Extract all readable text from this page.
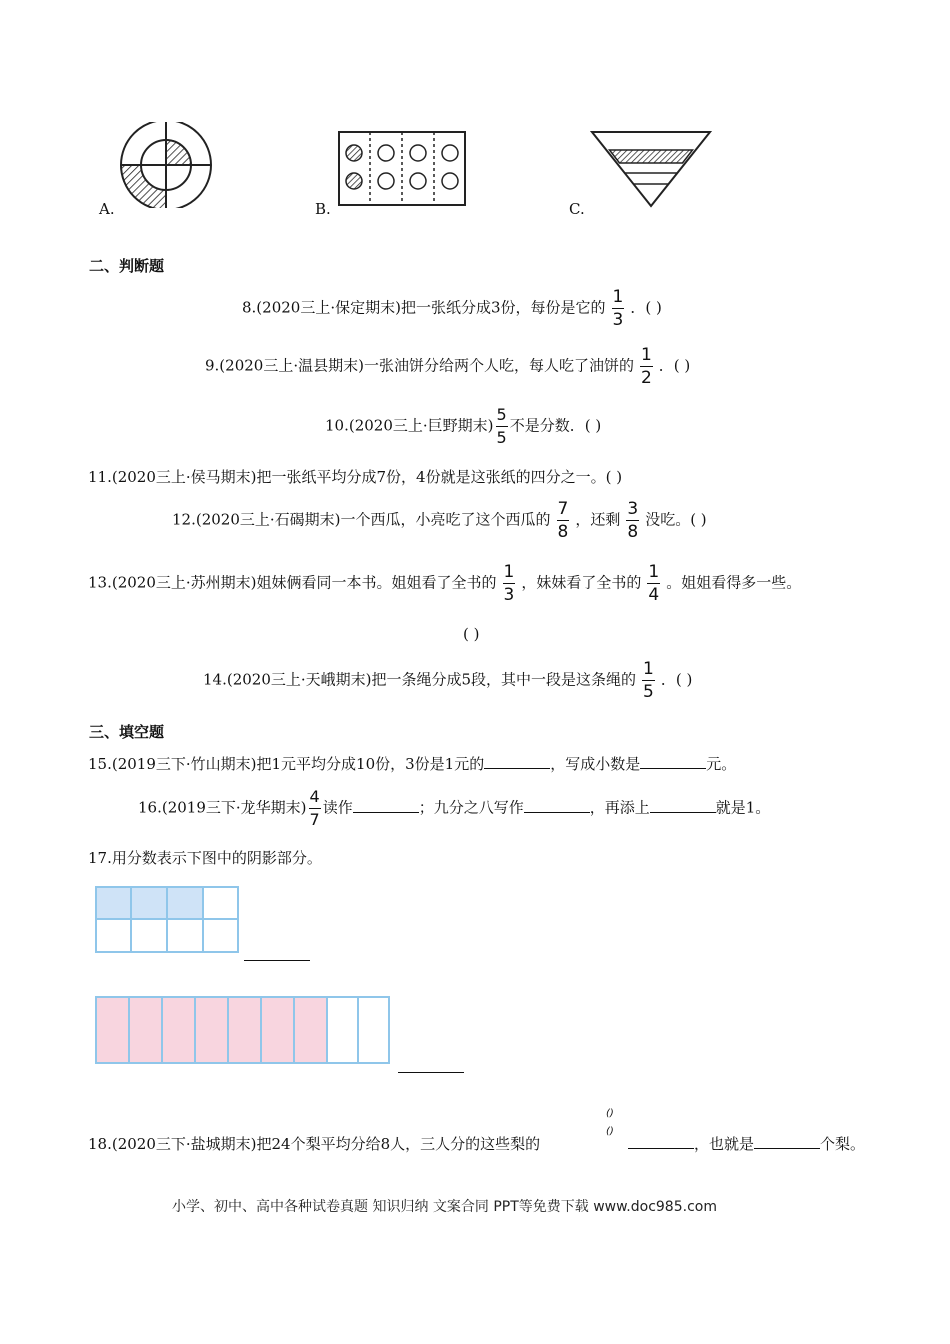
A.	B.	C.
二、判断题
8.(2020三上·保定期末)把一张纸分成3份，每份是它的 $\frac{1}{3}$ ．( )
9.(2020三上·温县期末)一张油饼分给两个人吃，每人吃了油饼的 $\frac{1}{2}$ ．( )
10.(2020三上·巨野期末) $\frac{5}{5}$ 不是分数．( )
11.(2020三上·侯马期末)把一张纸平均分成7份，4份就是这张纸的四分之一。( )
12.(2020三上·石碣期末)一个西瓜，小亮吃了这个西瓜的 $\frac{7}{8}$ ，还剩 $\frac{3}{8}$ 没吃。( )
13.(2020三上·苏州期末)姐妹俩看同一本书。姐姐看了全书的 $\frac{1}{3}$ ，妹妹看了全书的 $\frac{1}{4}$ 。姐姐看得多一些。
( )
14.(2020三上·天峨期末)把一条绳分成5段，其中一段是这条绳的 $\frac{1}{5}$ ．( )
三、填空题
15.(2019三下·竹山期末)把1元平均分成10份，3份是1元的	，写成小数是	元。
16.(2019三下·龙华期末) $\frac{4}{7}$ 读作	；九分之八写作	，再添上	就是1。
17.用分数表示下图中的阴影部分。
18.(2020三下·盐城期末)把24个梨平均分给8人，三人分的这些梨的
()
()
，也就是	个梨。
小学、初中、高中各种试卷真题 知识归纳 文案合同 PPT等免费下载 www.doc985.com
